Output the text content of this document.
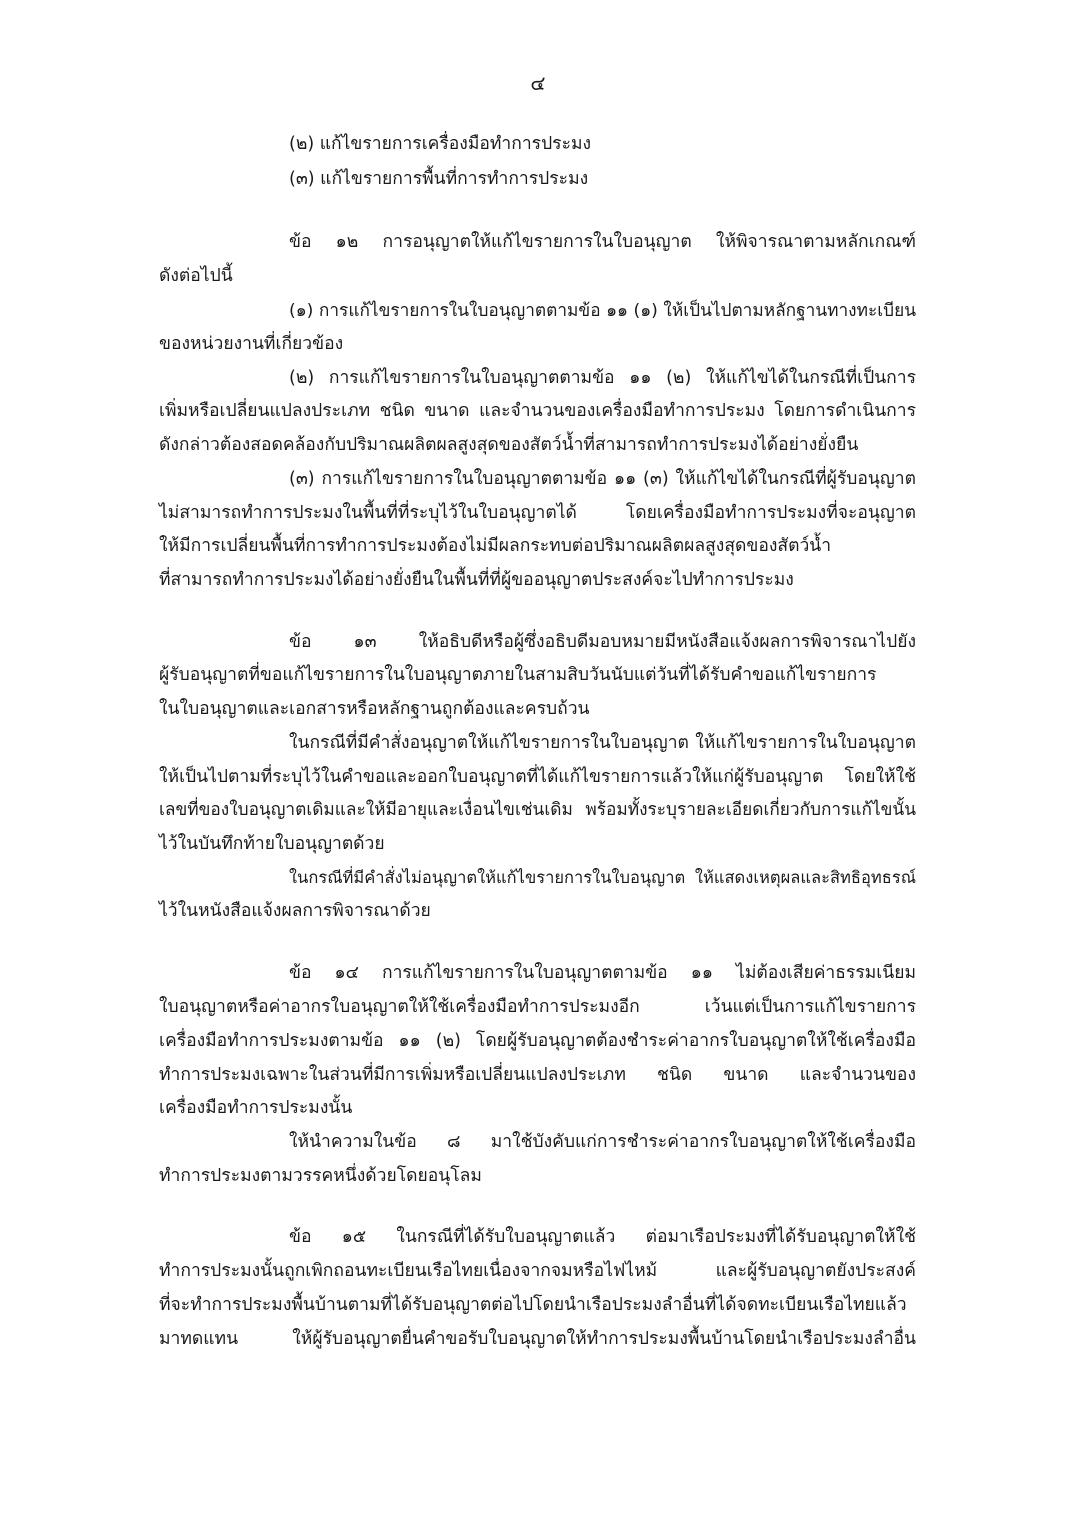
๔
(๒) แก้ไขรายการเครื่องมือทำการประมง
(๓) แก้ไขรายการพื้นที่การทำการประมง
ข้อ ๑๒ การอนุญาตให้แก้ไขรายการในใบอนุญาต ให้พิจารณาตามหลักเกณฑ์
ดังต่อไปนี้
(๑) การแก้ไขรายการในใบอนุญาตตามข้อ ๑๑ (๑) ให้เป็นไปตามหลักฐานทางทะเบียน
ของหน่วยงานที่เกี่ยวข้อง
(๒) การแก้ไขรายการในใบอนุญาตตามข้อ ๑๑ (๒) ให้แก้ไขได้ในกรณีที่เป็นการ
เพิ่มหรือเปลี่ยนแปลงประเภท ชนิด ขนาด และจำนวนของเครื่องมือทำการประมง โดยการดำเนินการ
ดังกล่าวต้องสอดคล้องกับปริมาณผลิตผลสูงสุดของสัตว์น้ำที่สามารถทำการประมงได้อย่างยั่งยืน
(๓) การแก้ไขรายการในใบอนุญาตตามข้อ ๑๑ (๓) ให้แก้ไขได้ในกรณีที่ผู้รับอนุญาต
ไม่สามารถทำการประมงในพื้นที่ที่ระบุไว้ในใบอนุญาตได้ โดยเครื่องมือทำการประมงที่จะอนุญาต
ให้มีการเปลี่ยนพื้นที่การทำการประมงต้องไม่มีผลกระทบต่อปริมาณผลิตผลสูงสุดของสัตว์น้ำ
ที่สามารถทำการประมงได้อย่างยั่งยืนในพื้นที่ที่ผู้ขออนุญาตประสงค์จะไปทำการประมง
ข้อ ๑๓ ให้อธิบดีหรือผู้ซึ่งอธิบดีมอบหมายมีหนังสือแจ้งผลการพิจารณาไปยัง
ผู้รับอนุญาตที่ขอแก้ไขรายการในใบอนุญาตภายในสามสิบวันนับแต่วันที่ได้รับคำขอแก้ไขรายการ
ในใบอนุญาตและเอกสารหรือหลักฐานถูกต้องและครบถ้วน
ในกรณีที่มีคำสั่งอนุญาตให้แก้ไขรายการในใบอนุญาต ให้แก้ไขรายการในใบอนุญาต
ให้เป็นไปตามที่ระบุไว้ในคำขอและออกใบอนุญาตที่ได้แก้ไขรายการแล้วให้แก่ผู้รับอนุญาต โดยให้ใช้
เลขที่ของใบอนุญาตเดิมและให้มีอายุและเงื่อนไขเช่นเดิม พร้อมทั้งระบุรายละเอียดเกี่ยวกับการแก้ไขนั้น
ไว้ในบันทึกท้ายใบอนุญาตด้วย
ในกรณีที่มีคำสั่งไม่อนุญาตให้แก้ไขรายการในใบอนุญาต ให้แสดงเหตุผลและสิทธิอุทธรณ์
ไว้ในหนังสือแจ้งผลการพิจารณาด้วย
ข้อ ๑๔ การแก้ไขรายการในใบอนุญาตตามข้อ ๑๑ ไม่ต้องเสียค่าธรรมเนียม
ใบอนุญาตหรือค่าอากรใบอนุญาตให้ใช้เครื่องมือทำการประมงอีก เว้นแต่เป็นการแก้ไขรายการ
เครื่องมือทำการประมงตามข้อ ๑๑ (๒) โดยผู้รับอนุญาตต้องชำระค่าอากรใบอนุญาตให้ใช้เครื่องมือ
ทำการประมงเฉพาะในส่วนที่มีการเพิ่มหรือเปลี่ยนแปลงประเภท ชนิด ขนาด และจำนวนของ
เครื่องมือทำการประมงนั้น
ให้นำความในข้อ ๘ มาใช้บังคับแก่การชำระค่าอากรใบอนุญาตให้ใช้เครื่องมือ
ทำการประมงตามวรรคหนึ่งด้วยโดยอนุโลม
ข้อ ๑๕ ในกรณีที่ได้รับใบอนุญาตแล้ว ต่อมาเรือประมงที่ได้รับอนุญาตให้ใช้
ทำการประมงนั้นถูกเพิกถอนทะเบียนเรือไทยเนื่องจากจมหรือไฟไหม้ และผู้รับอนุญาตยังประสงค์
ที่จะทำการประมงพื้นบ้านตามที่ได้รับอนุญาตต่อไปโดยนำเรือประมงลำอื่นที่ได้จดทะเบียนเรือไทยแล้ว
มาทดแทน ให้ผู้รับอนุญาตยื่นคำขอรับใบอนุญาตให้ทำการประมงพื้นบ้านโดยนำเรือประมงลำอื่น
